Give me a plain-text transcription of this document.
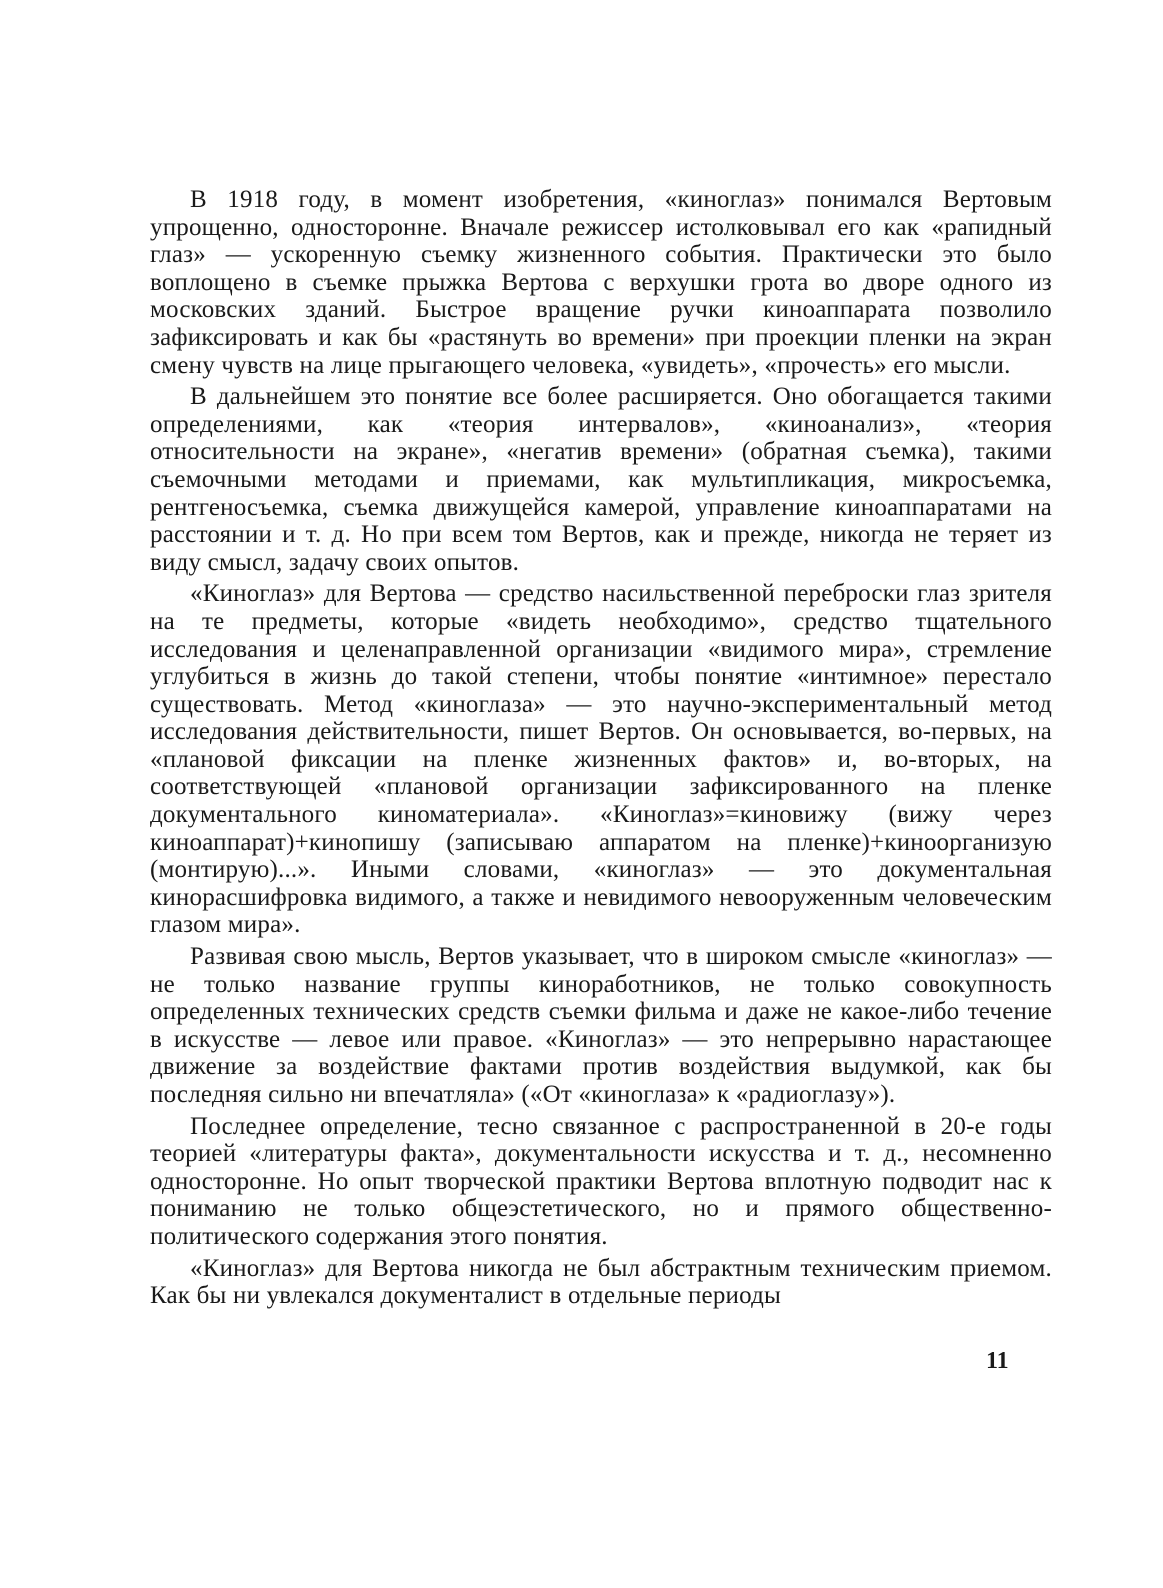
В 1918 году, в момент изобретения, «киноглаз» понимался Вертовым упрощенно, односторонне. Вначале режиссер истолковывал его как «рапидный глаз» — ускоренную съемку жизненного события. Практически это было воплощено в съемке прыжка Вертова с верхушки грота во дворе одного из московских зданий. Быстрое вращение ручки киноаппарата позволило зафиксировать и как бы «растянуть во времени» при проекции пленки на экран смену чувств на лице прыгающего человека, «увидеть», «прочесть» его мысли.

В дальнейшем это понятие все более расширяется. Оно обогащается такими определениями, как «теория интервалов», «киноанализ», «теория относительности на экране», «негатив времени» (обратная съемка), такими съемочными методами и приемами, как мультипликация, микросъемка, рентгеносъемка, съемка движущейся камерой, управление киноаппаратами на расстоянии и т. д. Но при всем том Вертов, как и прежде, никогда не теряет из виду смысл, задачу своих опытов.

«Киноглаз» для Вертова — средство насильственной переброски глаз зрителя на те предметы, которые «видеть необходимо», средство тщательного исследования и целенаправленной организации «видимого мира», стремление углубиться в жизнь до такой степени, чтобы понятие «интимное» перестало существовать. Метод «киноглаза» — это научно-экспериментальный метод исследования действительности, пишет Вертов. Он основывается, во-первых, на «плановой фиксации на пленке жизненных фактов» и, во-вторых, на соответствующей «плановой организации зафиксированного на пленке документального киноматериала». «Киноглаз»=киновижу (вижу через киноаппарат)+кинопишу (записываю аппаратом на пленке)+киноорганизую (монтирую)...». Иными словами, «киноглаз» — это документальная кинорасшифровка видимого, а также и невидимого невооруженным человеческим глазом мира».

Развивая свою мысль, Вертов указывает, что в широком смысле «киноглаз» — не только название группы киноработников, не только совокупность определенных технических средств съемки фильма и даже не какое-либо течение в искусстве — левое или правое. «Киноглаз» — это непрерывно нарастающее движение за воздействие фактами против воздействия выдумкой, как бы последняя сильно ни впечатляла» («От «киноглаза» к «радиоглазу»).

Последнее определение, тесно связанное с распространенной в 20-е годы теорией «литературы факта», документальности искусства и т. д., несомненно односторонне. Но опыт творческой практики Вертова вплотную подводит нас к пониманию не только общеэстетического, но и прямого общественно-политического содержания этого понятия.

«Киноглаз» для Вертова никогда не был абстрактным техническим приемом. Как бы ни увлекался документалист в отдельные периоды

11
